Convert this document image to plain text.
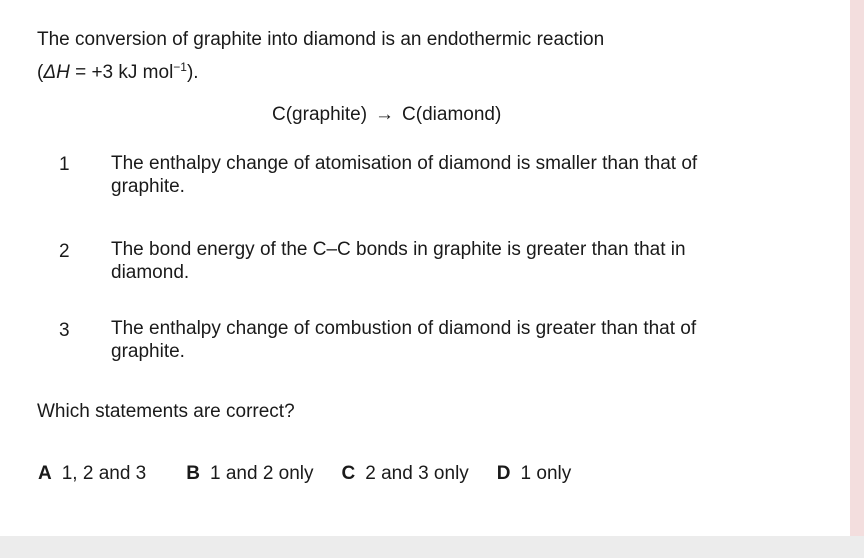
The conversion of graphite into diamond is an endothermic reaction
(ΔH = +3 kJ mol$^{-1}$).
C(graphite) → C(diamond)
1 The enthalpy change of atomisation of diamond is smaller than that of graphite.
2 The bond energy of the C–C bonds in graphite is greater than that in diamond.
3 The enthalpy change of combustion of diamond is greater than that of graphite.
Which statements are correct?
A 1, 2 and 3 B 1 and 2 only C 2 and 3 only D 1 only
